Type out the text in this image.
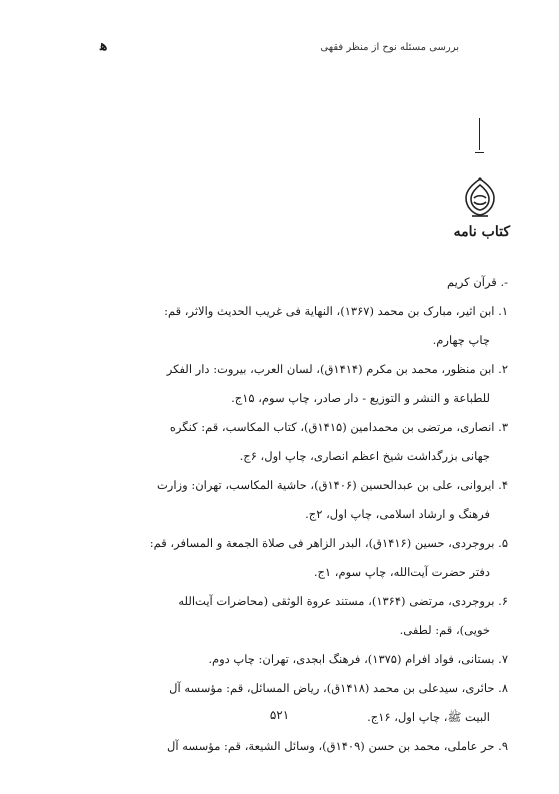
بررسی مسئله نوح از منظر فقهی
ﻫ
کتاب نامه

-. قرآن کریم

۱. ابن اثیر، مبارک بن محمد (۱۳۶۷)، النهایة فی غریب الحدیث والاثر، قم:
چاپ چهارم.

۲. ابن منظور، محمد بن مکرم (۱۴۱۴ق)، لسان العرب، بیروت: دار الفکر
للطباعة و النشر و التوزیع - دار صادر، چاپ سوم، ۱۵ج.

۳. انصاری، مرتضی بن محمدامین (۱۴۱۵ق)، کتاب المکاسب، قم: کنگره
جهانی بزرگداشت شیخ اعظم انصاری، چاپ اول، ۶ج.

۴. ایروانی، علی بن عبدالحسین (۱۴۰۶ق)، حاشیة المکاسب، تهران: وزارت
فرهنگ و ارشاد اسلامی، چاپ اول، ۲ج.

۵. بروجردی، حسین (۱۴۱۶ق)، البدر الزاهر فی صلاة الجمعة و المسافر، قم:
دفتر حضرت آیت‌الله، چاپ سوم، ۱ج.

۶. بروجردی، مرتضی (۱۳۶۴)، مستند عروة الوثقی (محاضرات آیت‌الله
خویی)، قم: لطفی.

۷. بستانی، فواد افرام (۱۳۷۵)، فرهنگ ابجدی، تهران: چاپ دوم.

۸. حائری، سیدعلی بن محمد (۱۴۱۸ق)، ریاض المسائل، قم: مؤسسه آل
البیت ﷺ، چاپ اول، ۱۶ج.

۹. حر عاملی، محمد بن حسن (۱۴۰۹ق)، وسائل الشیعة، قم: مؤسسه آل

۵۲۱
